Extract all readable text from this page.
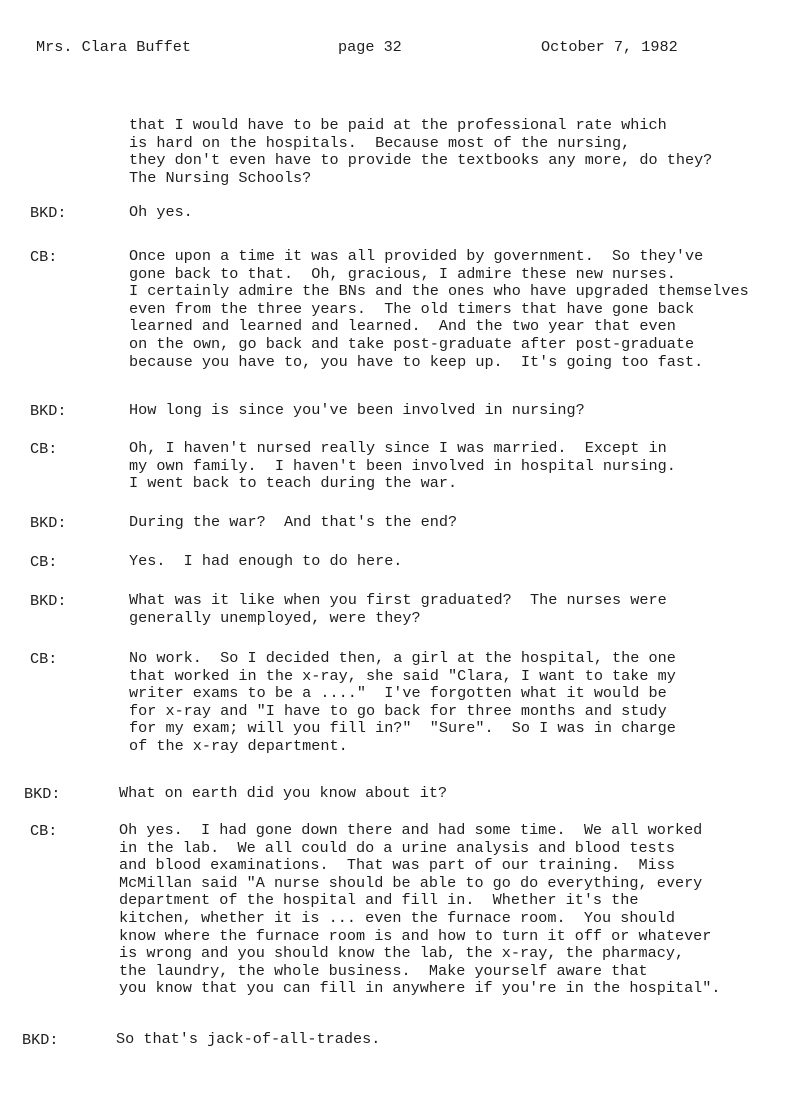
Mrs. Clara Buffet	page 32	October 7, 1982
that I would have to be paid at the professional rate which
is hard on the hospitals.  Because most of the nursing,
they don't even have to provide the textbooks any more, do they?
The Nursing Schools?
BKD:	Oh yes.
CB:	Once upon a time it was all provided by government.  So they've
gone back to that.  Oh, gracious, I admire these new nurses.
I certainly admire the BNs and the ones who have upgraded themselves
even from the three years.  The old timers that have gone back
learned and learned and learned.  And the two year that even
on the own, go back and take post-graduate after post-graduate
because you have to, you have to keep up.  It's going too fast.
BKD:	How long is since you've been involved in nursing?
CB:	Oh, I haven't nursed really since I was married.  Except in
my own family.  I haven't been involved in hospital nursing.
I went back to teach during the war.
BKD:	During the war?  And that's the end?
CB:	Yes.  I had enough to do here.
BKD:	What was it like when you first graduated?  The nurses were
generally unemployed, were they?
CB:	No work.  So I decided then, a girl at the hospital, the one
that worked in the x-ray, she said "Clara, I want to take my
writer exams to be a ...."  I've forgotten what it would be
for x-ray and "I have to go back for three months and study
for my exam; will you fill in?"  "Sure".  So I was in charge
of the x-ray department.
BKD:	What on earth did you know about it?
CB:	Oh yes.  I had gone down there and had some time.  We all worked
in the lab.  We all could do a urine analysis and blood tests
and blood examinations.  That was part of our training.  Miss
McMillan said "A nurse should be able to go do everything, every
department of the hospital and fill in.  Whether it's the
kitchen, whether it is ... even the furnace room.  You should
know where the furnace room is and how to turn it off or whatever
is wrong and you should know the lab, the x-ray, the pharmacy,
the laundry, the whole business.  Make yourself aware that
you know that you can fill in anywhere if you're in the hospital".
BKD:	So that's jack-of-all-trades.
